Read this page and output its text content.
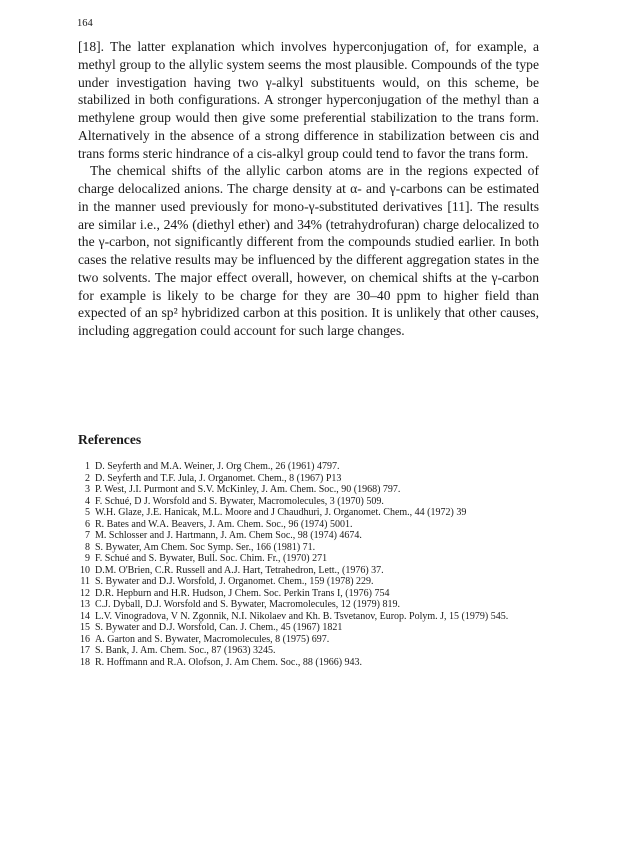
164

[18]. The latter explanation which involves hyperconjugation of, for example, a methyl group to the allylic system seems the most plausible. Compounds of the type under investigation having two γ-alkyl substituents would, on this scheme, be stabilized in both configurations. A stronger hyperconjugation of the methyl than a methylene group would then give some preferential stabilization to the trans form. Alternatively in the absence of a strong difference in stabilization between cis and trans forms steric hindrance of a cis-alkyl group could tend to favor the trans form.

The chemical shifts of the allylic carbon atoms are in the regions expected of charge delocalized anions. The charge density at α- and γ-carbons can be estimated in the manner used previously for mono-γ-substituted derivatives [11]. The results are similar i.e., 24% (diethyl ether) and 34% (tetrahydrofuran) charge delocalized to the γ-carbon, not significantly different from the compounds studied earlier. In both cases the relative results may be influenced by the different aggregation states in the two solvents. The major effect overall, however, on chemical shifts at the γ-carbon for example is likely to be charge for they are 30–40 ppm to higher field than expected of an sp² hybridized carbon at this position. It is unlikely that other causes, including aggregation could account for such large changes.

References
1 D. Seyferth and M.A. Weiner, J. Org Chem., 26 (1961) 4797.
2 D. Seyferth and T.F. Jula, J. Organomet. Chem., 8 (1967) P13
3 P. West, J.I. Purmont and S.V. McKinley, J. Am. Chem. Soc., 90 (1968) 797.
4 F. Schué, D J. Worsfold and S. Bywater, Macromolecules, 3 (1970) 509.
5 W.H. Glaze, J.E. Hanicak, M.L. Moore and J Chaudhuri, J. Organomet. Chem., 44 (1972) 39
6 R. Bates and W.A. Beavers, J. Am. Chem. Soc., 96 (1974) 5001.
7 M. Schlosser and J. Hartmann, J. Am. Chem Soc., 98 (1974) 4674.
8 S. Bywater, Am Chem. Soc Symp. Ser., 166 (1981) 71.
9 F. Schué and S. Bywater, Bull. Soc. Chim. Fr., (1970) 271
10 D.M. O'Brien, C.R. Russell and A.J. Hart, Tetrahedron, Lett., (1976) 37.
11 S. Bywater and D.J. Worsfold, J. Organomet. Chem., 159 (1978) 229.
12 D.R. Hepburn and H.R. Hudson, J Chem. Soc. Perkin Trans I, (1976) 754
13 C.J. Dyball, D.J. Worsfold and S. Bywater, Macromolecules, 12 (1979) 819.
14 L.V. Vinogradova, V N. Zgonnik, N.I. Nikolaev and Kh. B. Tsvetanov, Europ. Polym. J, 15 (1979) 545.
15 S. Bywater and D.J. Worsfold, Can. J. Chem., 45 (1967) 1821
16 A. Garton and S. Bywater, Macromolecules, 8 (1975) 697.
17 S. Bank, J. Am. Chem. Soc., 87 (1963) 3245.
18 R. Hoffmann and R.A. Olofson, J. Am Chem. Soc., 88 (1966) 943.
